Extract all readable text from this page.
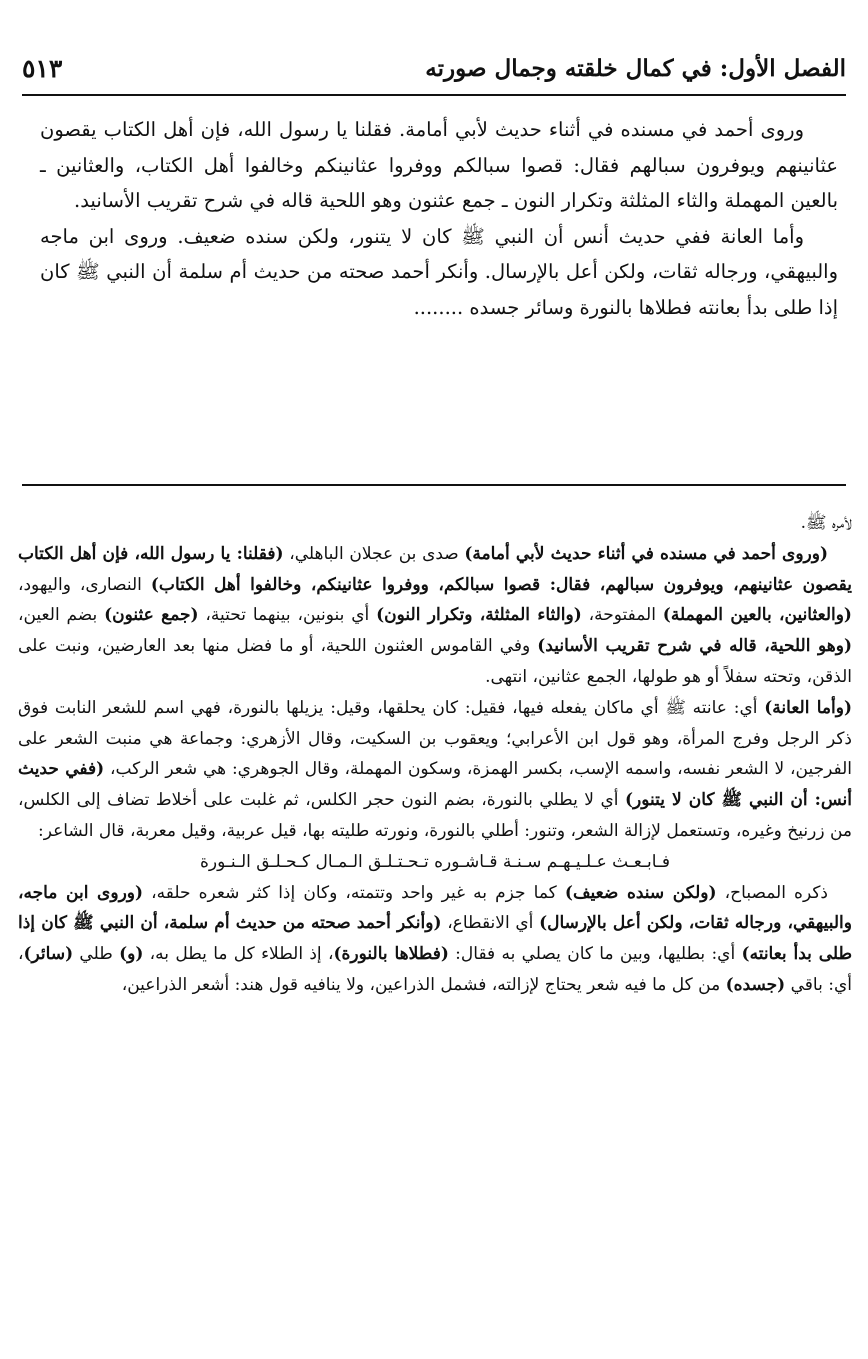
الفصل الأول: في كمال خلقته وجمال صورته
٥١٣

وروى أحمد في مسنده في أثناء حديث لأبي أمامة. فقلنا يا رسول الله، فإن أهل الكتاب يقصون عثانينهم ويوفرون سبالهم فقال: قصوا سبالكم ووفروا عثانينكم وخالفوا أهل الكتاب، والعثانين ـ بالعين المهملة والثاء المثلثة وتكرار النون ـ جمع عثنون وهو اللحية قاله في شرح تقريب الأسانيد.

وأما العانة ففي حديث أنس أن النبي ﷺ كان لا يتنور، ولكن سنده ضعيف. وروى ابن ماجه والبيهقي، ورجاله ثقات، ولكن أعل بالإرسال. وأنكر أحمد صحته من حديث أم سلمة أن النبي ﷺ كان إذا طلى بدأ بعانته فطلاها بالنورة وسائر جسده ........

لأمره ﷺ.

(وروى أحمد في مسنده في أثناء حديث لأبي أمامة) صدى بن عجلان الباهلي، (فقلنا: يا رسول الله، فإن أهل الكتاب يقصون عثانينهم، ويوفرون سبالهم، فقال: قصوا سبالكم، ووفروا عثانينكم، وخالفوا أهل الكتاب) النصارى، واليهود، (والعثانين، بالعين المهملة) المفتوحة، (والثاء المثلثة، وتكرار النون) أي بنونين، بينهما تحتية، (جمع عثنون) بضم العين، (وهو اللحية، قاله في شرح تقريب الأسانيد) وفي القاموس العثنون اللحية، أو ما فضل منها بعد العارضين، ونبت على الذقن، وتحته سفلاً أو هو طولها، الجمع عثانين، انتهى.

(وأما العانة) أي: عانته ﷺ أي ماكان يفعله فيها، فقيل: كان يحلقها، وقيل: يزيلها بالنورة، فهي اسم للشعر النابت فوق ذكر الرجل وفرج المرأة، وهو قول ابن الأعرابي؛ ويعقوب بن السكيت، وقال الأزهري: وجماعة هي منبت الشعر على الفرجين، لا الشعر نفسه، واسمه الإسب، بكسر الهمزة، وسكون المهملة، وقال الجوهري: هي شعر الركب، (ففي حديث أنس: أن النبي ﷺ كان لا يتنور) أي لا يطلي بالنورة، بضم النون حجر الكلس، ثم غلبت على أخلاط تضاف إلى الكلس، من زرنيخ وغيره، وتستعمل لإزالة الشعر، وتنور: أطلي بالنورة، ونورته طليته بها، قيل عربية، وقيل معربة، قال الشاعر:

فـابـعـث عـلـيـهـم سـنـة قـاشـوره تـحـتـلـق الـمـال كـحـلـق الـنـورة

ذكره المصباح، (ولكن سنده ضعيف) كما جزم به غير واحد وتتمته، وكان إذا كثر شعره حلقه، (وروى ابن ماجه، والبيهقي، ورجاله ثقات، ولكن أعل بالإرسال) أي الانقطاع، (وأنكر أحمد صحته من حديث أم سلمة، أن النبي ﷺ كان إذا طلى بدأ بعانته) أي: بطليها، وبين ما كان يصلي به فقال: (فطلاها بالنورة)، إذ الطلاء كل ما يطل به، (و) طلي (سائر)، أي: باقي (جسده) من كل ما فيه شعر يحتاج لإزالته، فشمل الذراعين، ولا ينافيه قول هند: أشعر الذراعين،
